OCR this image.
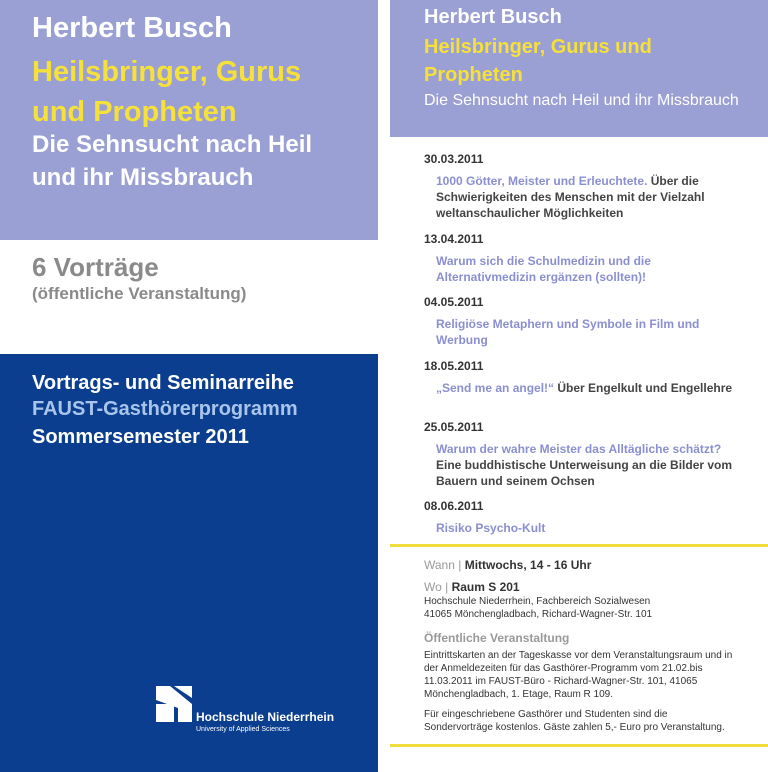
Herbert Busch
Heilsbringer, Gurus und Propheten
Die Sehnsucht nach Heil und ihr Missbrauch
6 Vorträge
(öffentliche Veranstaltung)
Vortrags- und Seminarreihe
FAUST-Gasthörerprogramm
Sommersemester 2011
Hochschule Niederrhein
University of Applied Sciences
Herbert Busch
Heilsbringer, Gurus und Propheten
Die Sehnsucht nach Heil und ihr Missbrauch
30.03.2011
1000 Götter, Meister und Erleuchtete. Über die Schwierigkeiten des Menschen mit der Vielzahl weltanschaulicher Möglichkeiten
13.04.2011
Warum sich die Schulmedizin und die Alternativmedizin ergänzen (sollten)!
04.05.2011
Religiöse Metaphern und Symbole in Film und Werbung
18.05.2011
„Send me an angel!“ Über Engelkult und Engellehre
25.05.2011
Warum der wahre Meister das Alltägliche schätzt? Eine buddhistische Unterweisung an die Bilder vom Bauern und seinem Ochsen
08.06.2011
Risiko Psycho-Kult
Wann | Mittwochs, 14 - 16 Uhr
Wo | Raum S 201
Hochschule Niederrhein, Fachbereich Sozialwesen
41065 Mönchengladbach, Richard-Wagner-Str. 101
Öffentliche Veranstaltung
Eintrittskarten an der Tageskasse vor dem Veranstaltungsraum und in der Anmeldezeiten für das Gasthörer-Programm vom 21.02.bis 11.03.2011 im FAUST-Büro - Richard-Wagner-Str. 101, 41065 Mönchengladbach, 1. Etage, Raum R 109.
Für eingeschriebene Gasthörer und Studenten sind die Sondervorträge kostenlos. Gäste zahlen 5,- Euro pro Veranstaltung.
